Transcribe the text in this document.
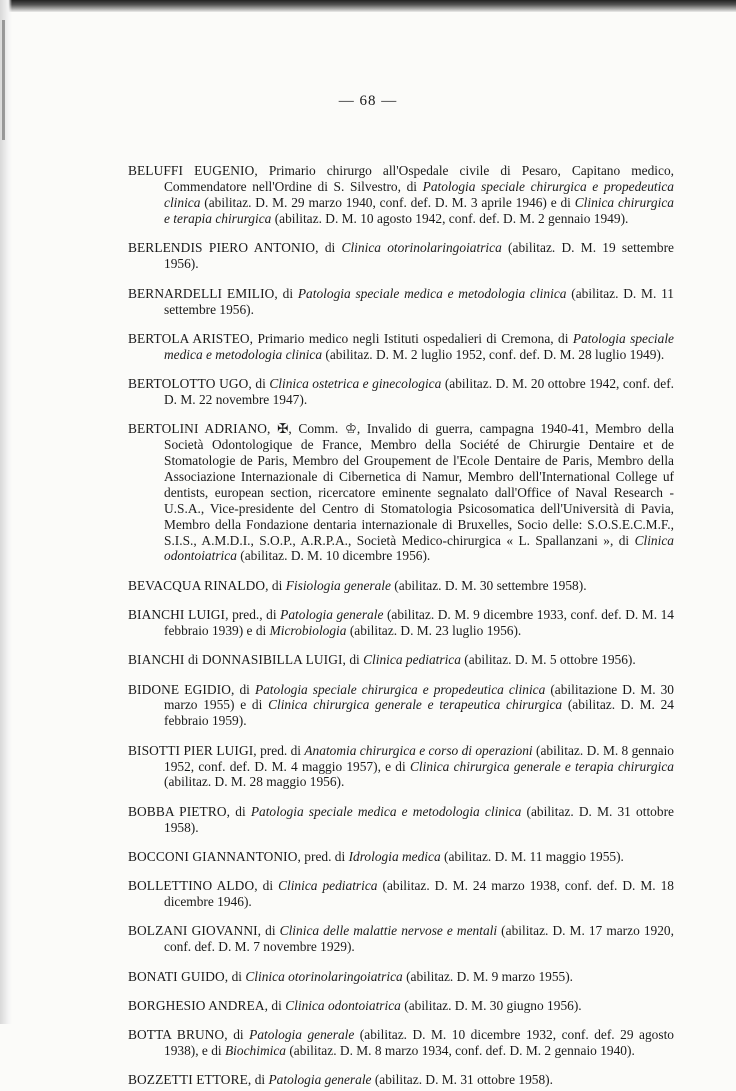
— 68 —

BELUFFI EUGENIO, Primario chirurgo all'Ospedale civile di Pesaro, Capitano medico, Commendatore nell'Ordine di S. Silvestro, di Patologia speciale chirurgica e propedeutica clinica (abilitaz. D. M. 29 marzo 1940, conf. def. D. M. 3 aprile 1946) e di Clinica chirurgica e terapia chirurgica (abilitaz. D. M. 10 agosto 1942, conf. def. D. M. 2 gennaio 1949).

BERLENDIS PIERO ANTONIO, di Clinica otorinolaringoiatrica (abilitaz. D. M. 19 settembre 1956).

BERNARDELLI EMILIO, di Patologia speciale medica e metodologia clinica (abilitaz. D. M. 11 settembre 1956).

BERTOLA ARISTEO, Primario medico negli Istituti ospedalieri di Cremona, di Patologia speciale medica e metodologia clinica (abilitaz. D. M. 2 luglio 1952, conf. def. D. M. 28 luglio 1949).

BERTOLOTTO UGO, di Clinica ostetrica e ginecologica (abilitaz. D. M. 20 ottobre 1942, conf. def. D. M. 22 novembre 1947).

BERTOLINI ADRIANO, ✠, Comm. ♔, Invalido di guerra, campagna 1940-41, Membro della Società Odontologique de France, Membro della Société de Chirurgie Dentaire et de Stomatologie de Paris, Membro del Groupement de l'Ecole Dentaire de Paris, Membro della Associazione Internazionale di Cibernetica di Namur, Membro dell'International College uf dentists, european section, ricercatore eminente segnalato dall'Office of Naval Research - U.S.A., Vice-presidente del Centro di Stomatologia Psicosomatica dell'Università di Pavia, Membro della Fondazione dentaria internazionale di Bruxelles, Socio delle: S.O.S.E.C.M.F., S.I.S., A.M.D.I., S.O.P., A.R.P.A., Società Medico-chirurgica « L. Spallanzani », di Clinica odontoiatrica (abilitaz. D. M. 10 dicembre 1956).

BEVACQUA RINALDO, di Fisiologia generale (abilitaz. D. M. 30 settembre 1958).

BIANCHI LUIGI, pred., di Patologia generale (abilitaz. D. M. 9 dicembre 1933, conf. def. D. M. 14 febbraio 1939) e di Microbiologia (abilitaz. D. M. 23 luglio 1956).

BIANCHI di DONNASIBILLA LUIGI, di Clinica pediatrica (abilitaz. D. M. 5 ottobre 1956).

BIDONE EGIDIO, di Patologia speciale chirurgica e propedeutica clinica (abilitazione D. M. 30 marzo 1955) e di Clinica chirurgica generale e terapeutica chirurgica (abilitaz. D. M. 24 febbraio 1959).

BISOTTI PIER LUIGI, pred. di Anatomia chirurgica e corso di operazioni (abilitaz. D. M. 8 gennaio 1952, conf. def. D. M. 4 maggio 1957), e di Clinica chirurgica generale e terapia chirurgica (abilitaz. D. M. 28 maggio 1956).

BOBBA PIETRO, di Patologia speciale medica e metodologia clinica (abilitaz. D. M. 31 ottobre 1958).

BOCCONI GIANNANTONIO, pred. di Idrologia medica (abilitaz. D. M. 11 maggio 1955).

BOLLETTINO ALDO, di Clinica pediatrica (abilitaz. D. M. 24 marzo 1938, conf. def. D. M. 18 dicembre 1946).

BOLZANI GIOVANNI, di Clinica delle malattie nervose e mentali (abilitaz. D. M. 17 marzo 1920, conf. def. D. M. 7 novembre 1929).

BONATI GUIDO, di Clinica otorinolaringoiatrica (abilitaz. D. M. 9 marzo 1955).

BORGHESIO ANDREA, di Clinica odontoiatrica (abilitaz. D. M. 30 giugno 1956).

BOTTA BRUNO, di Patologia generale (abilitaz. D. M. 10 dicembre 1932, conf. def. 29 agosto 1938), e di Biochimica (abilitaz. D. M. 8 marzo 1934, conf. def. D. M. 2 gennaio 1940).

BOZZETTI ETTORE, di Patologia generale (abilitaz. D. M. 31 ottobre 1958).
